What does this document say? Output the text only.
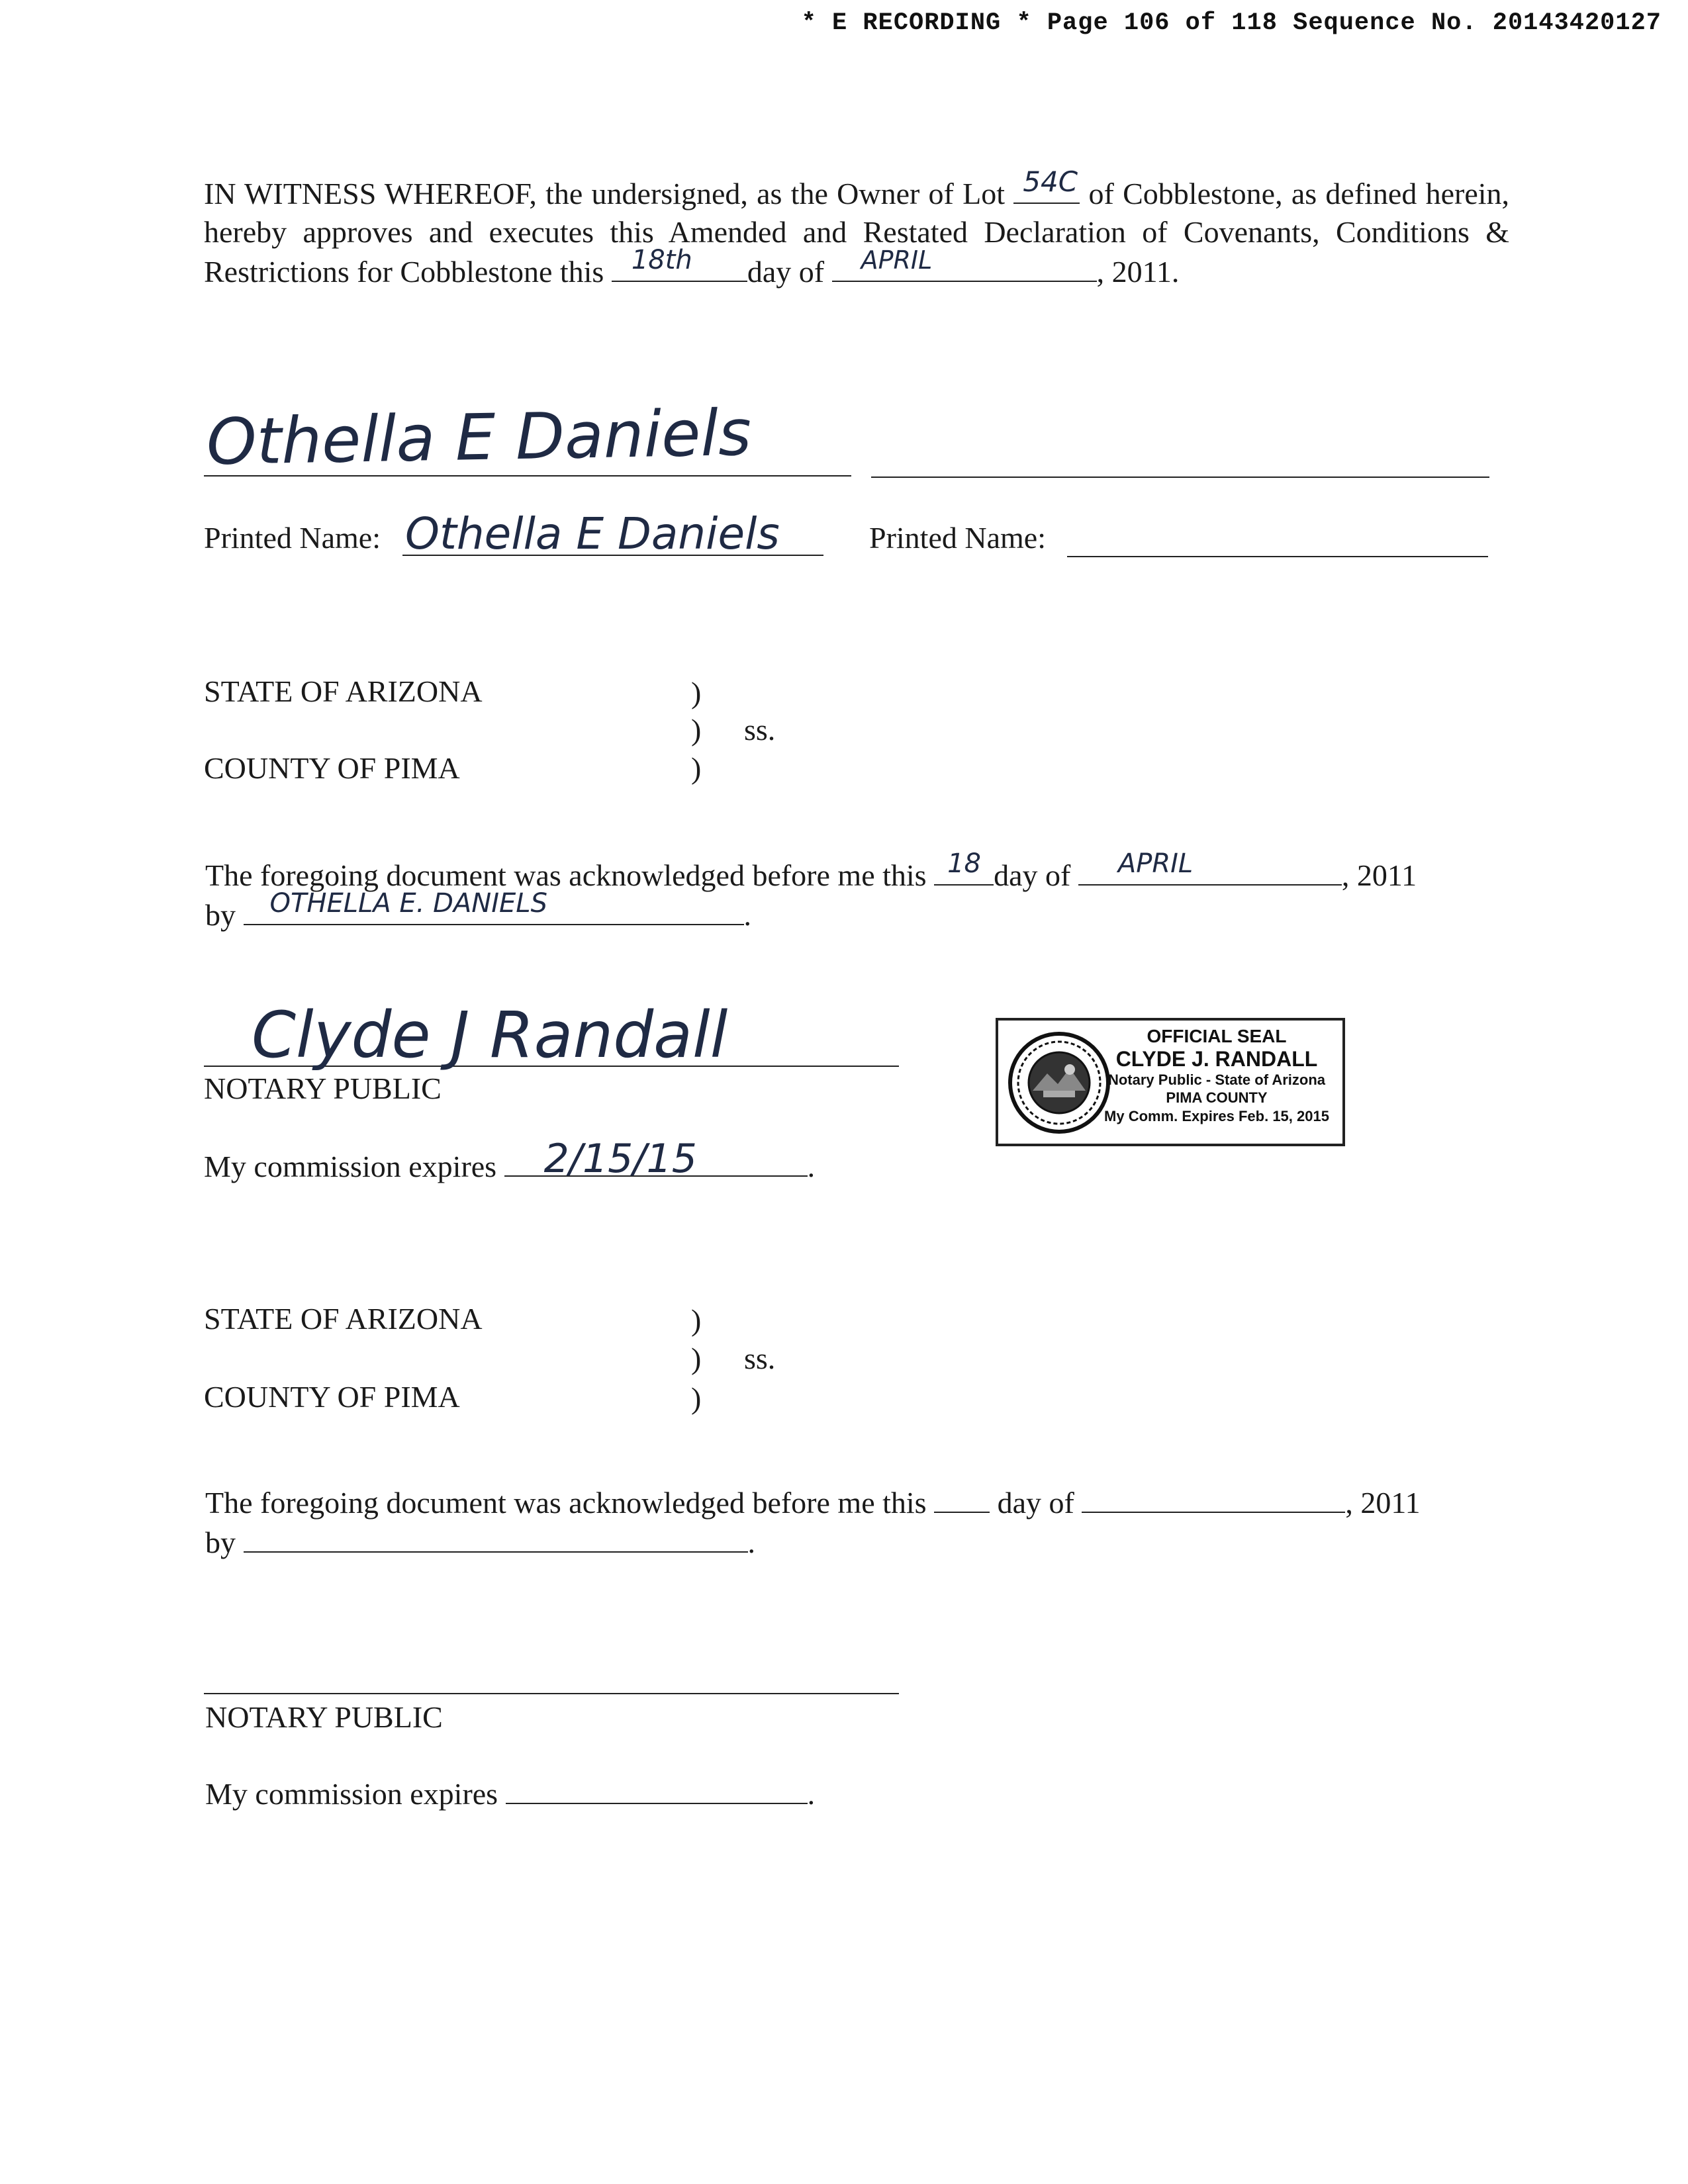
* E RECORDING * Page 106 of 118 Sequence No. 20143420127
IN WITNESS WHEREOF, the undersigned, as the Owner of Lot 54C of Cobblestone, as defined herein, hereby approves and executes this Amended and Restated Declaration of Covenants, Conditions & Restrictions for Cobblestone this 18th day of APRIL	, 2011.
Othella E Daniels
Printed Name: Othella E Daniels	Printed Name:
STATE OF ARIZONA	)
) ss.
COUNTY OF PIMA	)
The foregoing document was acknowledged before me this 18 day of APRIL	, 2011
by OTHELLA E. DANIELS	.
Clyde J Randall
NOTARY PUBLIC
My commission expires 2/15/15	.
OFFICIAL SEAL
CLYDE J. RANDALL
Notary Public - State of Arizona
PIMA COUNTY
My Comm. Expires Feb. 15, 2015
STATE OF ARIZONA	)
) ss.
COUNTY OF PIMA	)
The foregoing document was acknowledged before me this day of	, 2011
by	.
NOTARY PUBLIC
My commission expires	.
